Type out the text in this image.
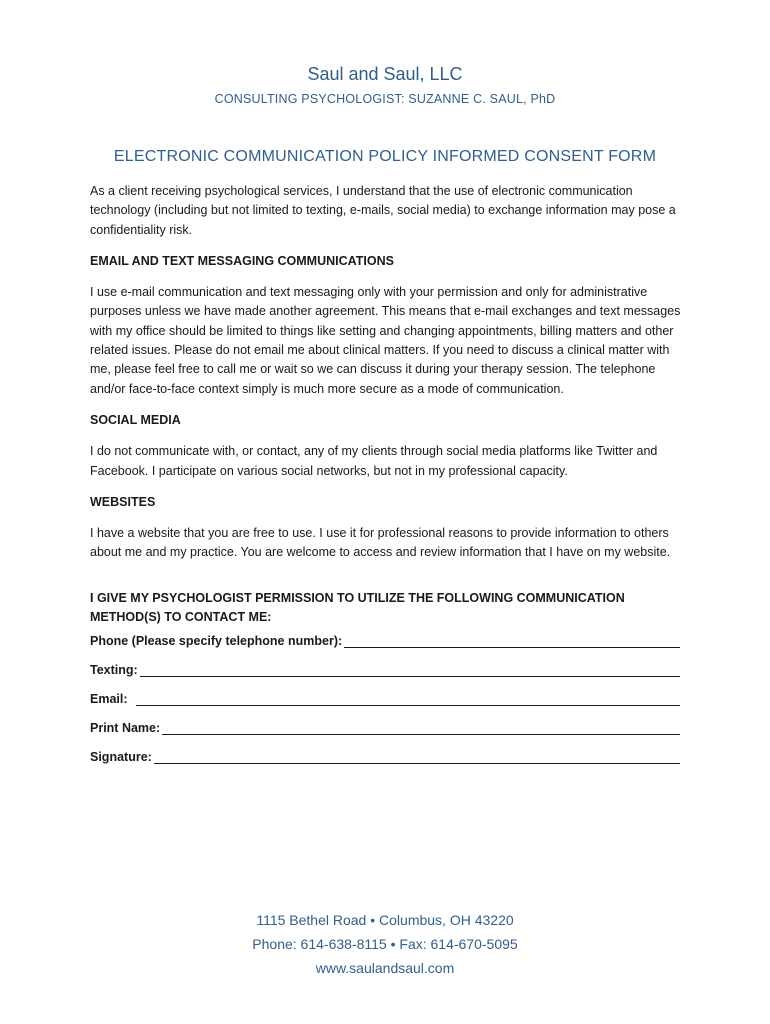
Saul and Saul, LLC
CONSULTING PSYCHOLOGIST: SUZANNE C. SAUL, PhD
ELECTRONIC COMMUNICATION POLICY INFORMED CONSENT FORM

As a client receiving psychological services, I understand that the use of electronic communication technology (including but not limited to texting, e-mails, social media) to exchange information may pose a confidentiality risk.

EMAIL AND TEXT MESSAGING COMMUNICATIONS

I use e-mail communication and text messaging only with your permission and only for administrative purposes unless we have made another agreement. This means that e-mail exchanges and text messages with my office should be limited to things like setting and changing appointments, billing matters and other related issues. Please do not email me about clinical matters. If you need to discuss a clinical matter with me, please feel free to call me or wait so we can discuss it during your therapy session. The telephone and/or face-to-face context simply is much more secure as a mode of communication.

SOCIAL MEDIA

I do not communicate with, or contact, any of my clients through social media platforms like Twitter and Facebook. I participate on various social networks, but not in my professional capacity.

WEBSITES

I have a website that you are free to use. I use it for professional reasons to provide information to others about me and my practice. You are welcome to access and review information that I have on my website.

I GIVE MY PSYCHOLOGIST PERMISSION TO UTILIZE THE FOLLOWING COMMUNICATION METHOD(S) TO CONTACT ME:
Phone (Please specify telephone number):
Texting:
Email:
Print Name:
Signature:
1115 Bethel Road • Columbus, OH 43220
Phone: 614-638-8115 • Fax: 614-670-5095
www.saulandsaul.com
